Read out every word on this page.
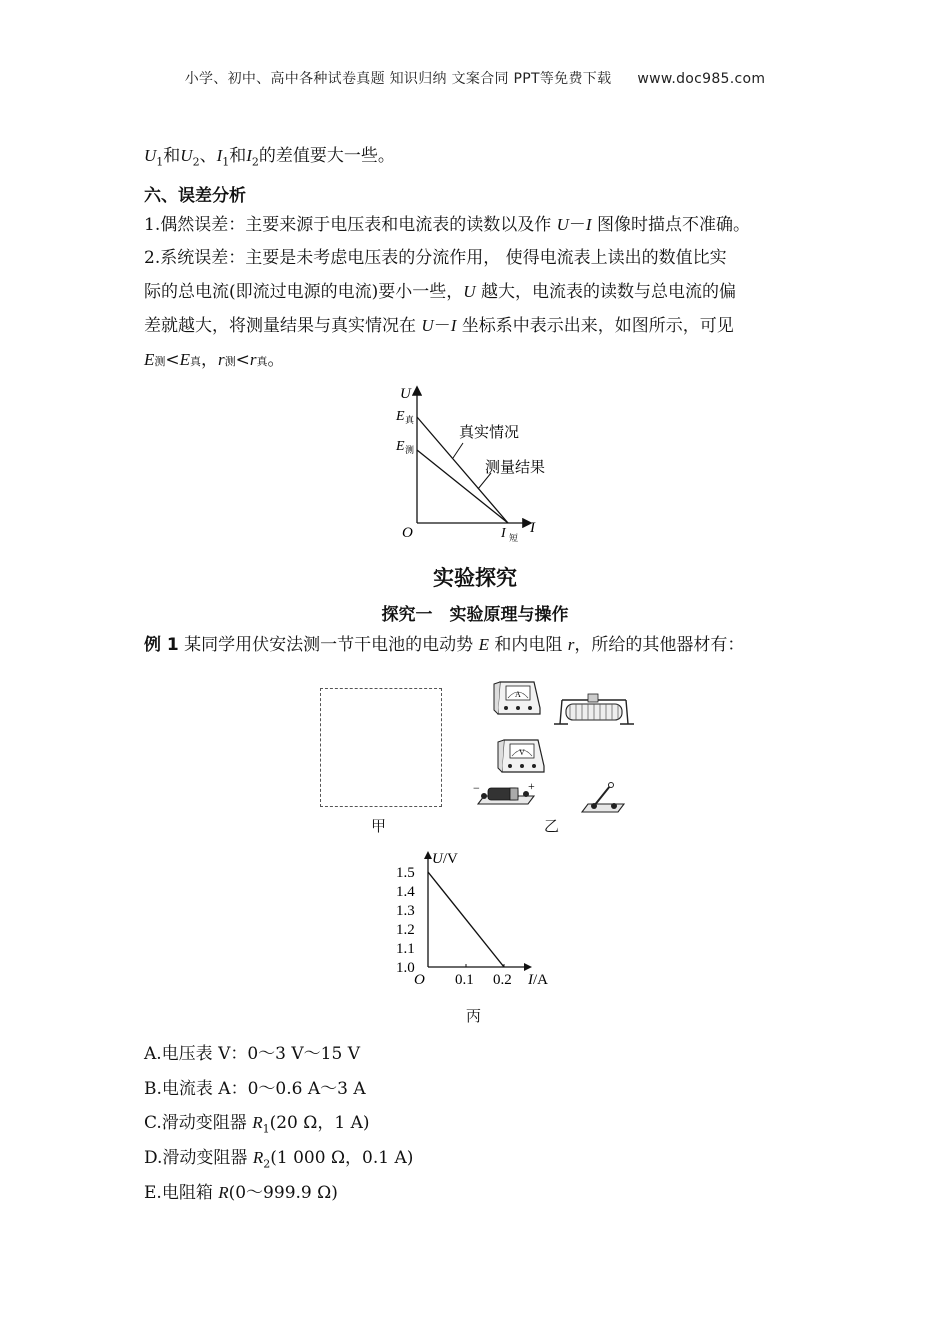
小学、初中、高中各种试卷真题 知识归纳 文案合同 PPT等免费下载 www.doc985.com
$U_1$和$U_2$、$I_1$和$I_2$的差值要大一些。
六、误差分析
1.偶然误差：主要来源于电压表和电流表的读数以及作 U－I 图像时描点不准确。
2.系统误差：主要是未考虑电压表的分流作用， 使得电流表上读出的数值比实
际的总电流(即流过电源的电流)要小一些，U 越大，电流表的读数与总电流的偏
差就越大，将测量结果与真实情况在 U－I 坐标系中表示出来，如图所示，可见
E测<E真，r测<r真。
U
E 真
E 测
真实情况
测量结果
O	I 短
I
实验探究
探究一　实验原理与操作
例 1 某同学用伏安法测一节干电池的电动势 E 和内电阻 r，所给的其他器材有：
甲
A
V
−	+
乙
1.0
1.1
1.2
1.3
1.4
1.5
0.1 0.2
O
U/V
I/A
丙
A.电压表 V：0～3 V～15 V
B.电流表 A：0～0.6 A～3 A
C.滑动变阻器 $R_1(20$ Ω，1 A)
D.滑动变阻器 $R_2(1$ 000 Ω，0.1 A)
E.电阻箱 R(0～999.9 Ω)
